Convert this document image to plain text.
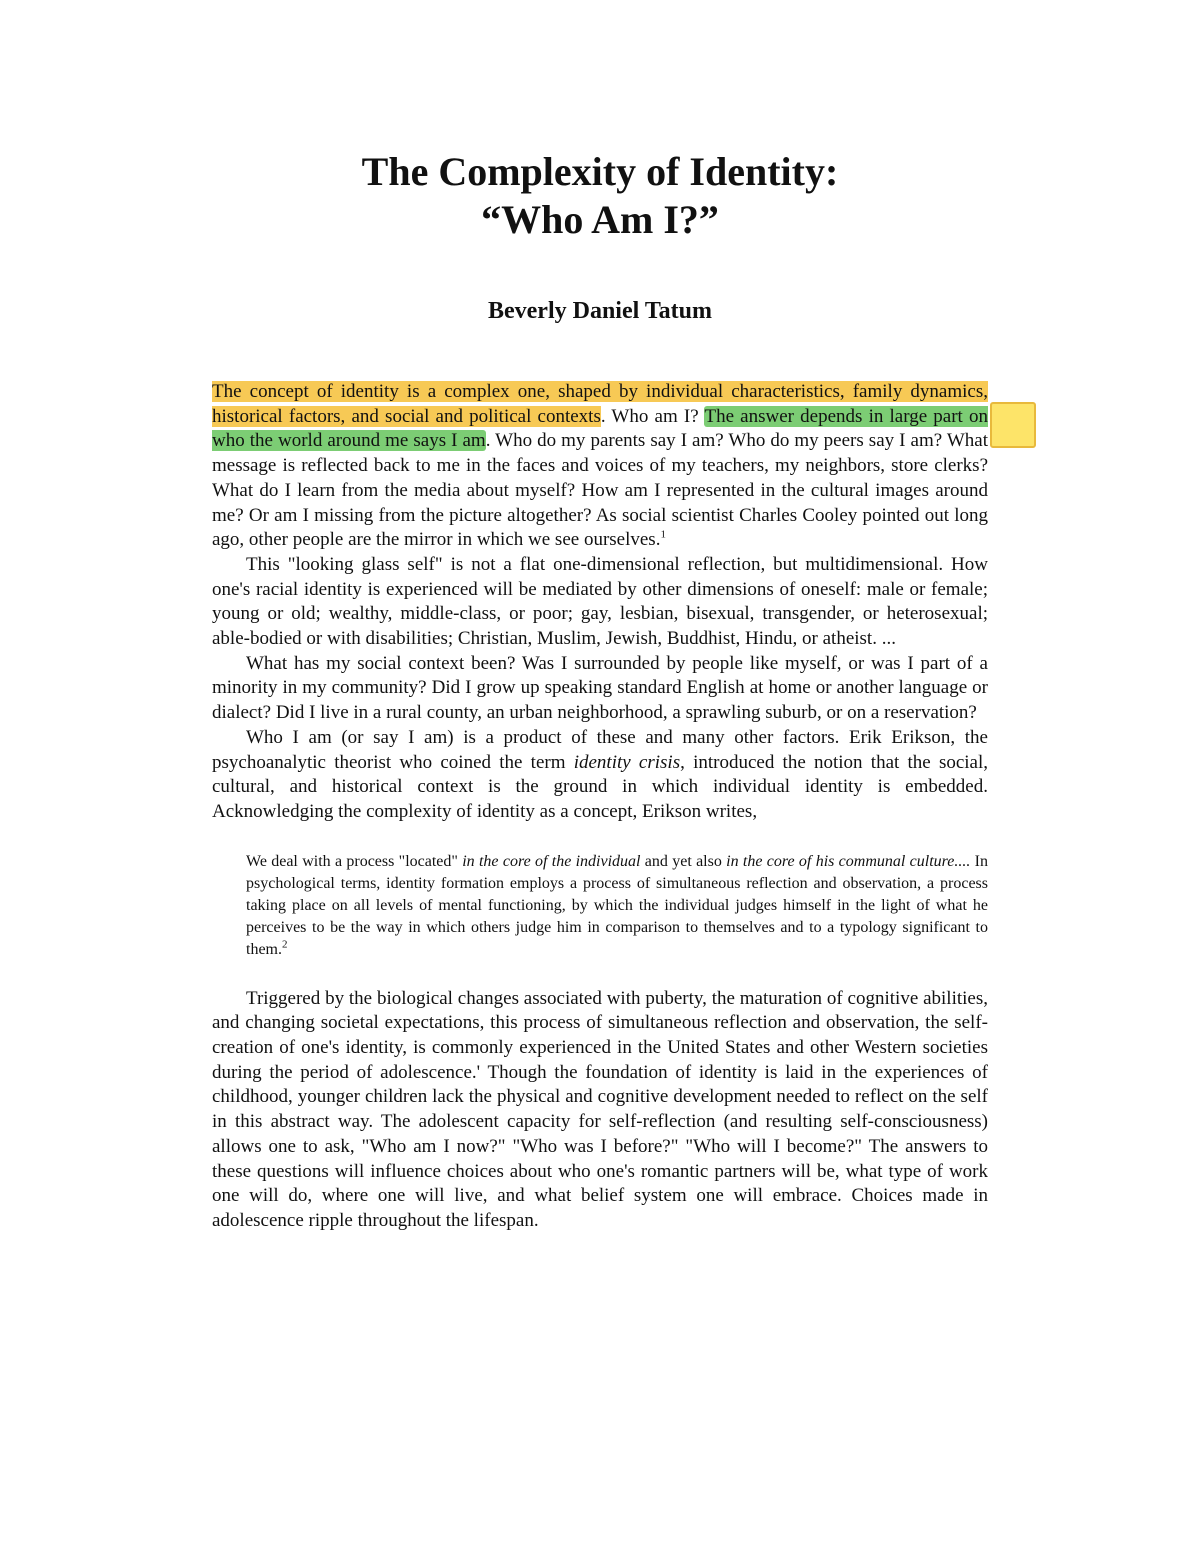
The Complexity of Identity:
“Who Am I?”
Beverly Daniel Tatum

The concept of identity is a complex one, shaped by individual characteristics, family dynamics, historical factors, and social and political contexts. Who am I? The answer depends in large part on who the world around me says I am. Who do my parents say I am? Who do my peers say I am? What message is reflected back to me in the faces and voices of my teachers, my neighbors, store clerks? What do I learn from the media about myself? How am I represented in the cultural images around me? Or am I missing from the picture altogether? As social scientist Charles Cooley pointed out long ago, other people are the mirror in which we see ourselves.$^1$

This "looking glass self" is not a flat one-dimensional reflection, but multidimensional. How one's racial identity is experienced will be mediated by other dimensions of oneself: male or female; young or old; wealthy, middle-class, or poor; gay, lesbian, bisexual, transgender, or heterosexual; able-bodied or with disabilities; Christian, Muslim, Jewish, Buddhist, Hindu, or atheist. ...

What has my social context been? Was I surrounded by people like myself, or was I part of a minority in my community? Did I grow up speaking standard English at home or another language or dialect? Did I live in a rural county, an urban neighborhood, a sprawling suburb, or on a reservation?

Who I am (or say I am) is a product of these and many other factors. Erik Erikson, the psychoanalytic theorist who coined the term identity crisis, introduced the notion that the social, cultural, and historical context is the ground in which individual identity is embedded. Acknowledging the complexity of identity as a concept, Erikson writes,

We deal with a process "located" in the core of the individual and yet also in the core of his communal culture.... In psychological terms, identity formation employs a process of simultaneous reflection and observation, a process taking place on all levels of mental functioning, by which the individual judges himself in the light of what he perceives to be the way in which others judge him in comparison to themselves and to a typology significant to them.$^2$

Triggered by the biological changes associated with puberty, the maturation of cognitive abilities, and changing societal expectations, this process of simultaneous reflection and observation, the self-creation of one's identity, is commonly experienced in the United States and other Western societies during the period of adolescence.' Though the foundation of identity is laid in the experiences of childhood, younger children lack the physical and cognitive development needed to reflect on the self in this abstract way. The adolescent capacity for self-reflection (and resulting self-consciousness) allows one to ask, "Who am I now?" "Who was I before?" "Who will I become?" The answers to these questions will influence choices about who one's romantic partners will be, what type of work one will do, where one will live, and what belief system one will embrace. Choices made in adolescence ripple throughout the lifespan.
